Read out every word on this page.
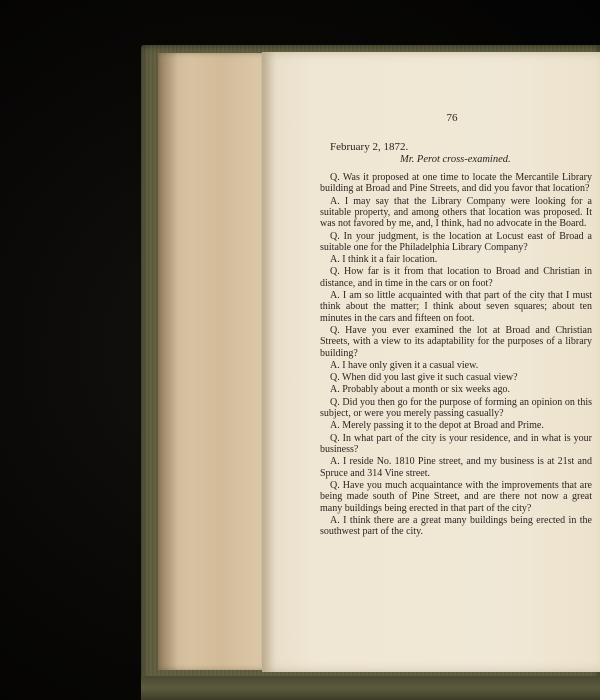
76
February 2, 1872.
Mr. Perot cross-examined.

Q. Was it proposed at one time to locate the Mercantile Library building at Broad and Pine Streets, and did you favor that location?

A. I may say that the Library Company were looking for a suitable property, and among others that location was proposed. It was not favored by me, and, I think, had no advocate in the Board.

Q. In your judgment, is the location at Locust east of Broad a suitable one for the Philadelphia Library Company?

A. I think it a fair location.

Q. How far is it from that location to Broad and Christian in distance, and in time in the cars or on foot?

A. I am so little acquainted with that part of the city that I must think about the matter; I think about seven squares; about ten minutes in the cars and fifteen on foot.

Q. Have you ever examined the lot at Broad and Christian Streets, with a view to its adaptability for the purposes of a library building?

A. I have only given it a casual view.

Q. When did you last give it such casual view?

A. Probably about a month or six weeks ago.

Q. Did you then go for the purpose of forming an opinion on this subject, or were you merely passing casually?

A. Merely passing it to the depot at Broad and Prime.

Q. In what part of the city is your residence, and in what is your business?

A. I reside No. 1810 Pine street, and my business is at 21st and Spruce and 314 Vine street.

Q. Have you much acquaintance with the improvements that are being made south of Pine Street, and are there not now a great many buildings being erected in that part of the city?

A. I think there are a great many buildings being erected in the southwest part of the city.
